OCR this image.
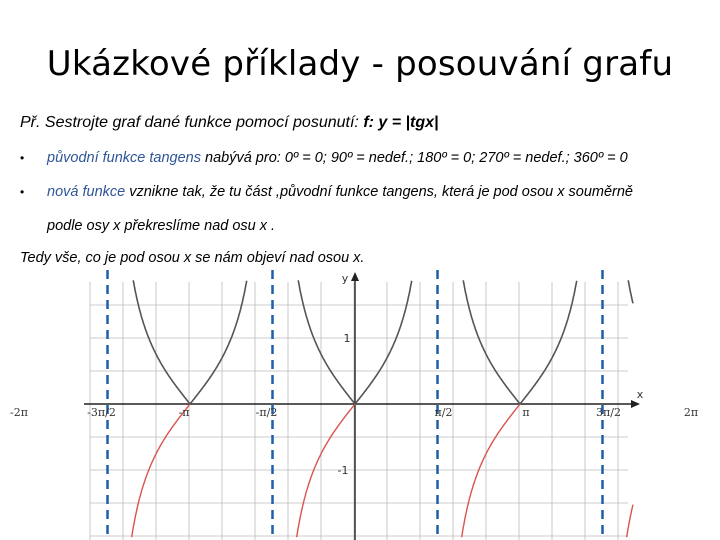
Ukázkové příklady - posouvání grafu
Př. Sestrojte graf dané funkce pomocí posunutí: f: y = |tgx|
• původní funkce tangens nabývá pro: 0º = 0; 90º = nedef.; 180º = 0; 270º = nedef.; 360º = 0
• nová funkce vznikne tak, že tu část ,původní funkce tangens, která je pod osou x souměrně
podle osy x překreslíme nad osu x .
Tedy vše, co je pod osou x se nám objeví nad osou x.
y
x
1
-1
-2π	-3π/2	-π	-π/2	π/2	π	3π/2	2π
